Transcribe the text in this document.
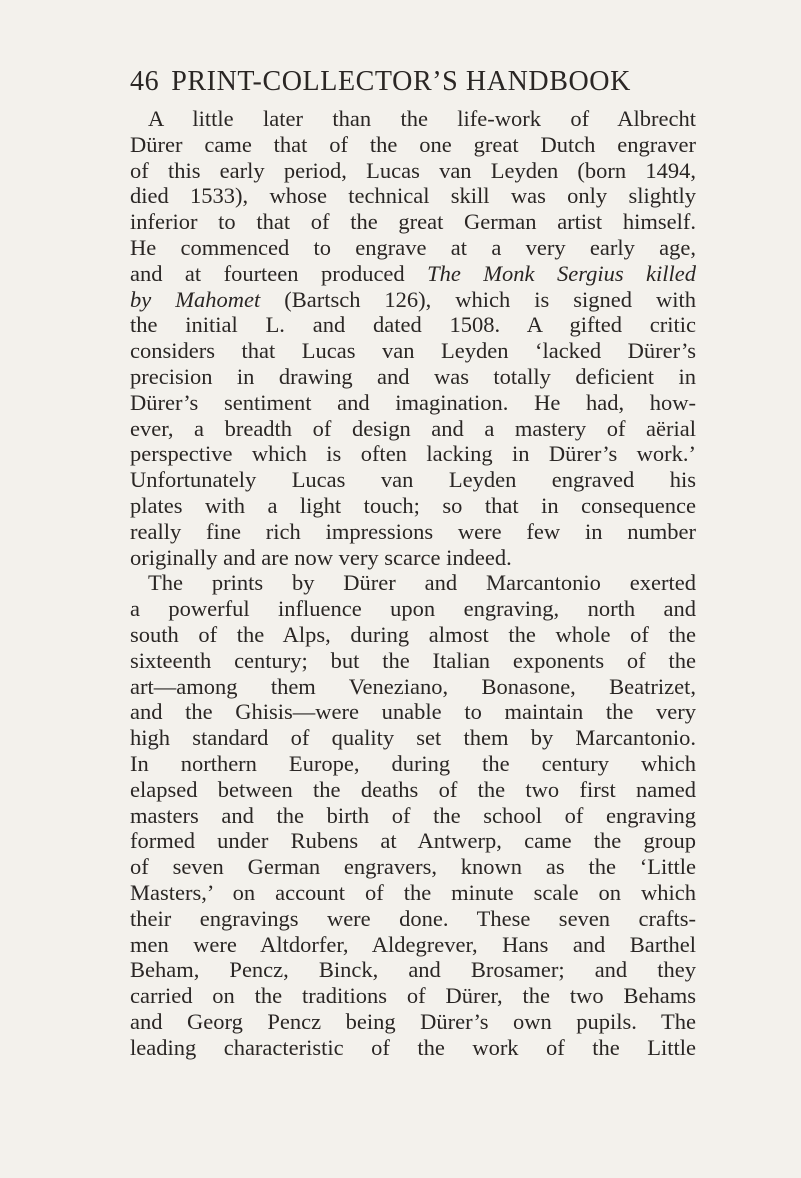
46 PRINT-COLLECTOR’S HANDBOOK
A little later than the life-work of Albrecht
Dürer came that of the one great Dutch engraver
of this early period, Lucas van Leyden (born 1494,
died 1533), whose technical skill was only slightly
inferior to that of the great German artist himself.
He commenced to engrave at a very early age,
and at fourteen produced The Monk Sergius killed
by Mahomet (Bartsch 126), which is signed with
the initial L. and dated 1508. A gifted critic
considers that Lucas van Leyden ‘lacked Dürer’s
precision in drawing and was totally deficient in
Dürer’s sentiment and imagination. He had, how-
ever, a breadth of design and a mastery of aërial
perspective which is often lacking in Dürer’s work.’
Unfortunately Lucas van Leyden engraved his
plates with a light touch; so that in consequence
really fine rich impressions were few in number
originally and are now very scarce indeed.
The prints by Dürer and Marcantonio exerted
a powerful influence upon engraving, north and
south of the Alps, during almost the whole of the
sixteenth century; but the Italian exponents of the
art—among them Veneziano, Bonasone, Beatrizet,
and the Ghisis—were unable to maintain the very
high standard of quality set them by Marcantonio.
In northern Europe, during the century which
elapsed between the deaths of the two first named
masters and the birth of the school of engraving
formed under Rubens at Antwerp, came the group
of seven German engravers, known as the ‘Little
Masters,’ on account of the minute scale on which
their engravings were done. These seven crafts-
men were Altdorfer, Aldegrever, Hans and Barthel
Beham, Pencz, Binck, and Brosamer; and they
carried on the traditions of Dürer, the two Behams
and Georg Pencz being Dürer’s own pupils. The
leading characteristic of the work of the Little
